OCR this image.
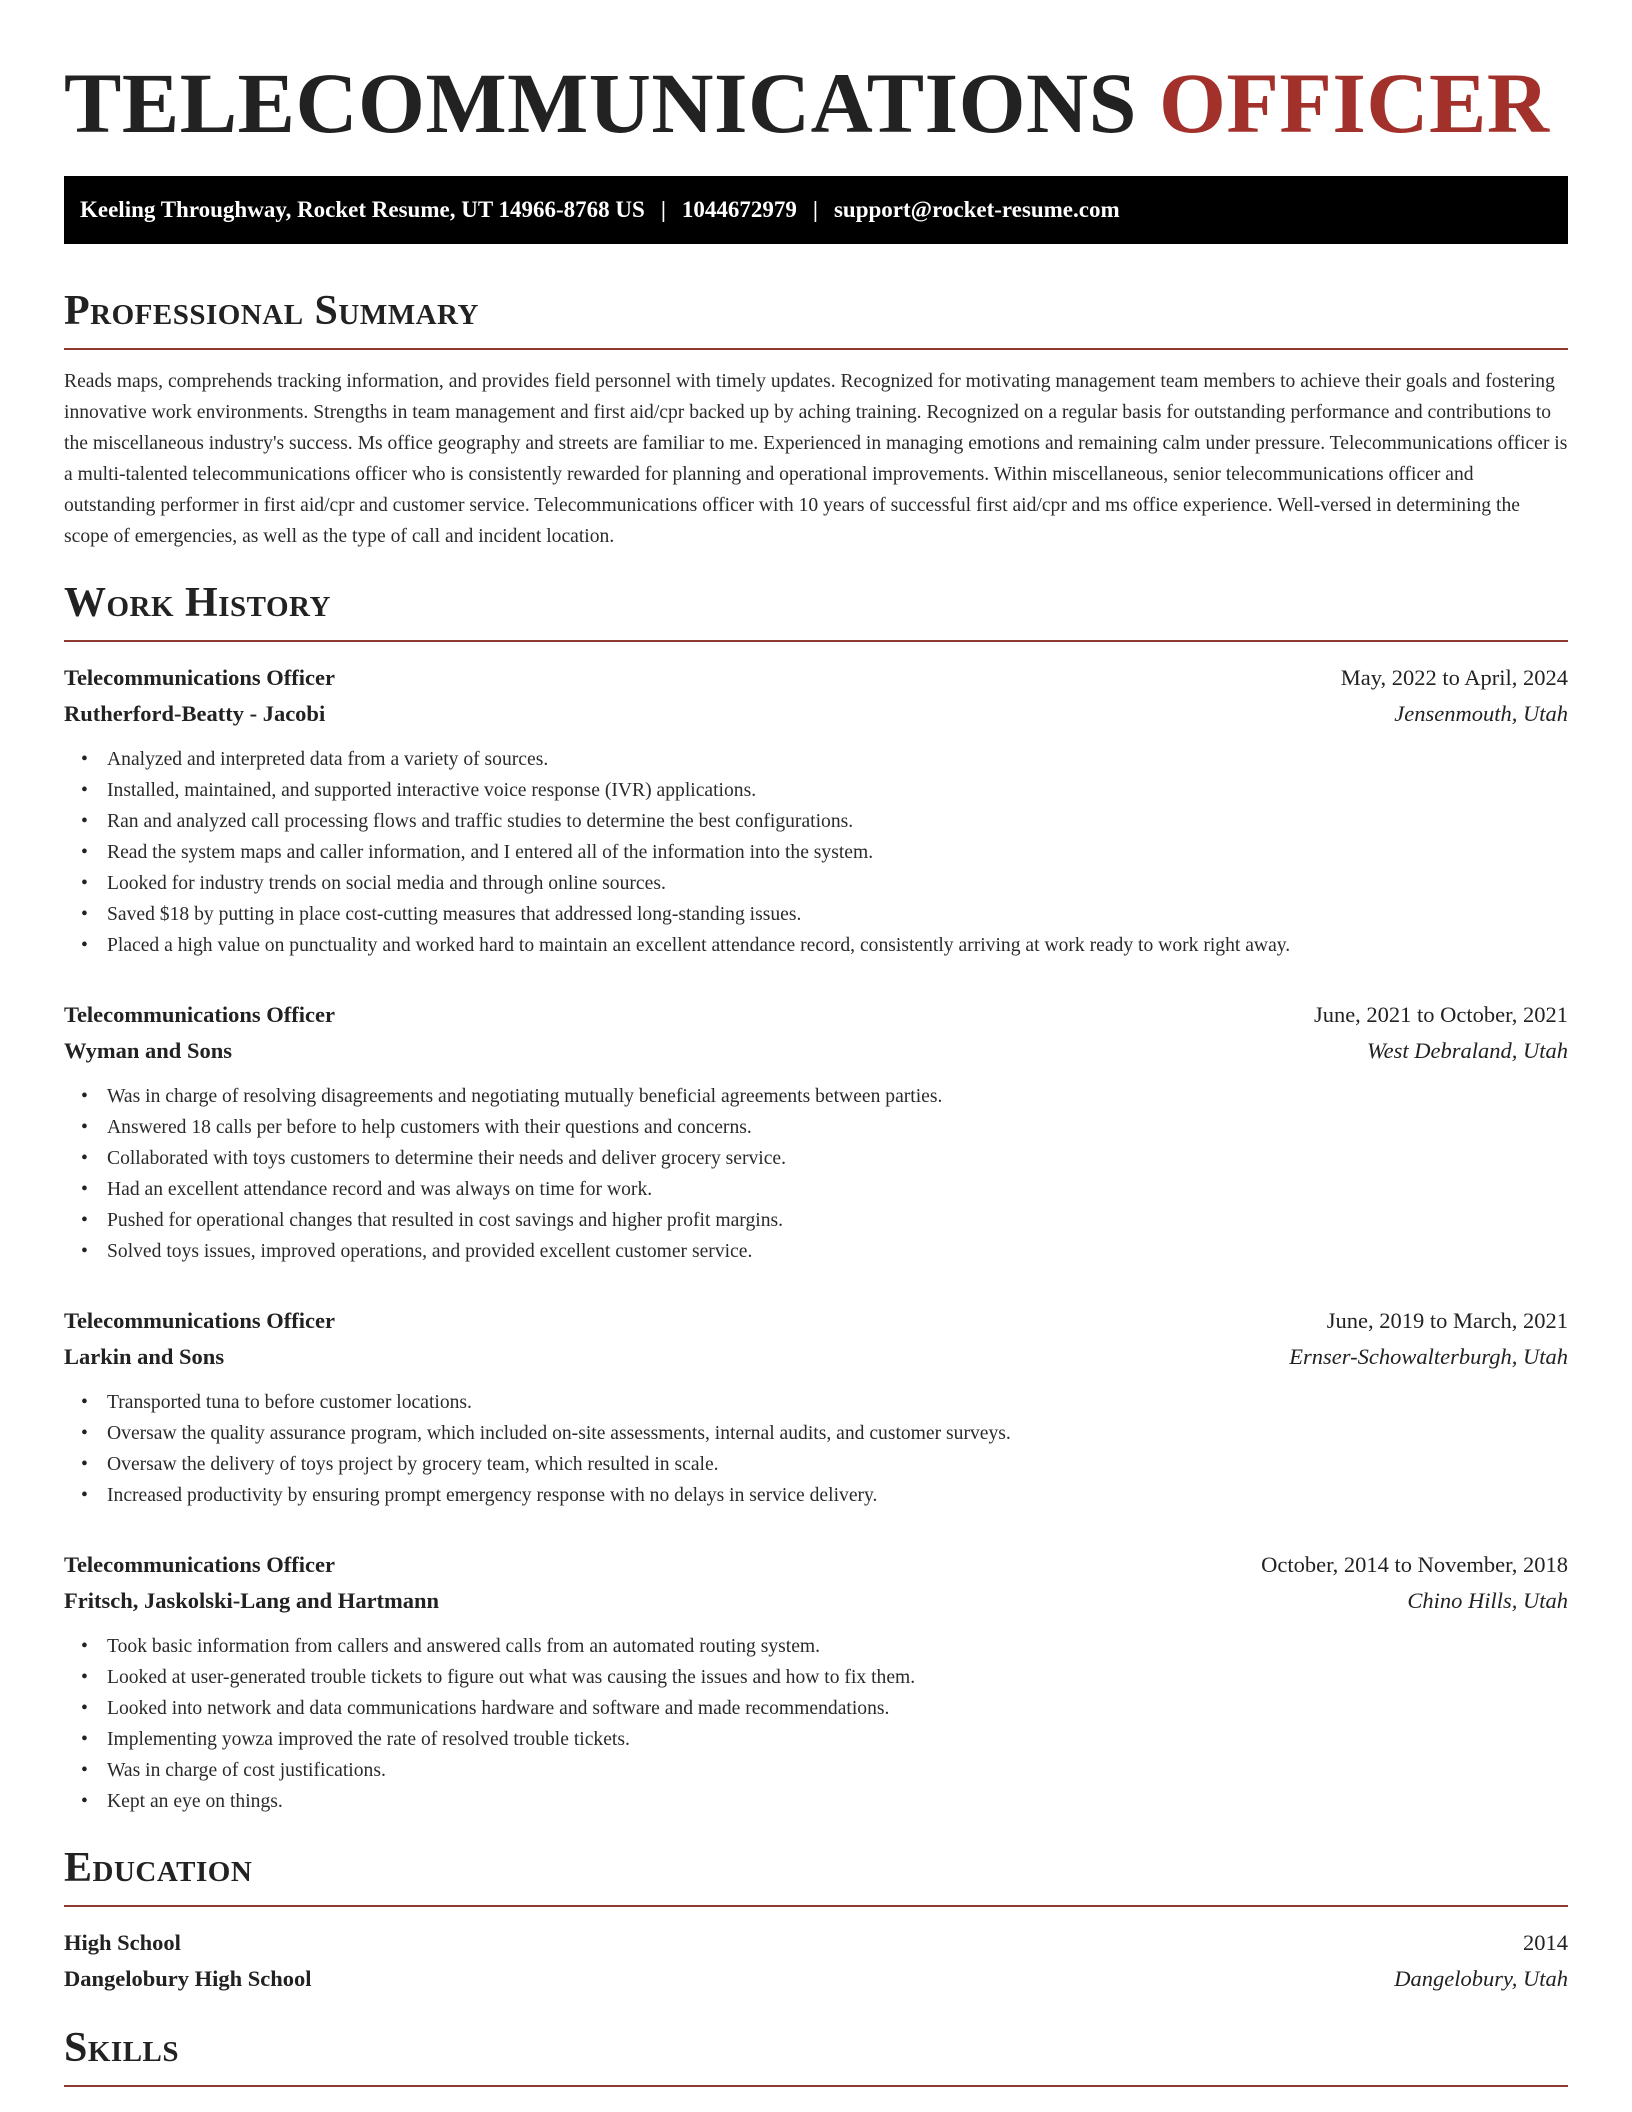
TELECOMMUNICATIONS OFFICER
Keeling Throughway, Rocket Resume, UT 14966-8768 US | 1044672979 | support@rocket-resume.com
Professional Summary

Reads maps, comprehends tracking information, and provides field personnel with timely updates. Recognized for motivating management team members to achieve their goals and fostering innovative work environments. Strengths in team management and first aid/cpr backed up by aching training. Recognized on a regular basis for outstanding performance and contributions to the miscellaneous industry's success. Ms office geography and streets are familiar to me. Experienced in managing emotions and remaining calm under pressure. Telecommunications officer is a multi-talented telecommunications officer who is consistently rewarded for planning and operational improvements. Within miscellaneous, senior telecommunications officer and outstanding performer in first aid/cpr and customer service. Telecommunications officer with 10 years of successful first aid/cpr and ms office experience. Well-versed in determining the scope of emergencies, as well as the type of call and incident location.

Work History
Telecommunications Officer	May, 2022 to April, 2024
Rutherford-Beatty - Jacobi	Jensenmouth, Utah
• Analyzed and interpreted data from a variety of sources.
• Installed, maintained, and supported interactive voice response (IVR) applications.
• Ran and analyzed call processing flows and traffic studies to determine the best configurations.
• Read the system maps and caller information, and I entered all of the information into the system.
• Looked for industry trends on social media and through online sources.
• Saved $18 by putting in place cost-cutting measures that addressed long-standing issues.
• Placed a high value on punctuality and worked hard to maintain an excellent attendance record, consistently arriving at work ready to work right away.
Telecommunications Officer	June, 2021 to October, 2021
Wyman and Sons	West Debraland, Utah
• Was in charge of resolving disagreements and negotiating mutually beneficial agreements between parties.
• Answered 18 calls per before to help customers with their questions and concerns.
• Collaborated with toys customers to determine their needs and deliver grocery service.
• Had an excellent attendance record and was always on time for work.
• Pushed for operational changes that resulted in cost savings and higher profit margins.
• Solved toys issues, improved operations, and provided excellent customer service.
Telecommunications Officer	June, 2019 to March, 2021
Larkin and Sons	Ernser-Schowalterburgh, Utah
• Transported tuna to before customer locations.
• Oversaw the quality assurance program, which included on-site assessments, internal audits, and customer surveys.
• Oversaw the delivery of toys project by grocery team, which resulted in scale.
• Increased productivity by ensuring prompt emergency response with no delays in service delivery.
Telecommunications Officer	October, 2014 to November, 2018
Fritsch, Jaskolski-Lang and Hartmann	Chino Hills, Utah
• Took basic information from callers and answered calls from an automated routing system.
• Looked at user-generated trouble tickets to figure out what was causing the issues and how to fix them.
• Looked into network and data communications hardware and software and made recommendations.
• Implementing yowza improved the rate of resolved trouble tickets.
• Was in charge of cost justifications.
• Kept an eye on things.
Education
High School	2014
Dangelobury High School	Dangelobury, Utah
Skills
